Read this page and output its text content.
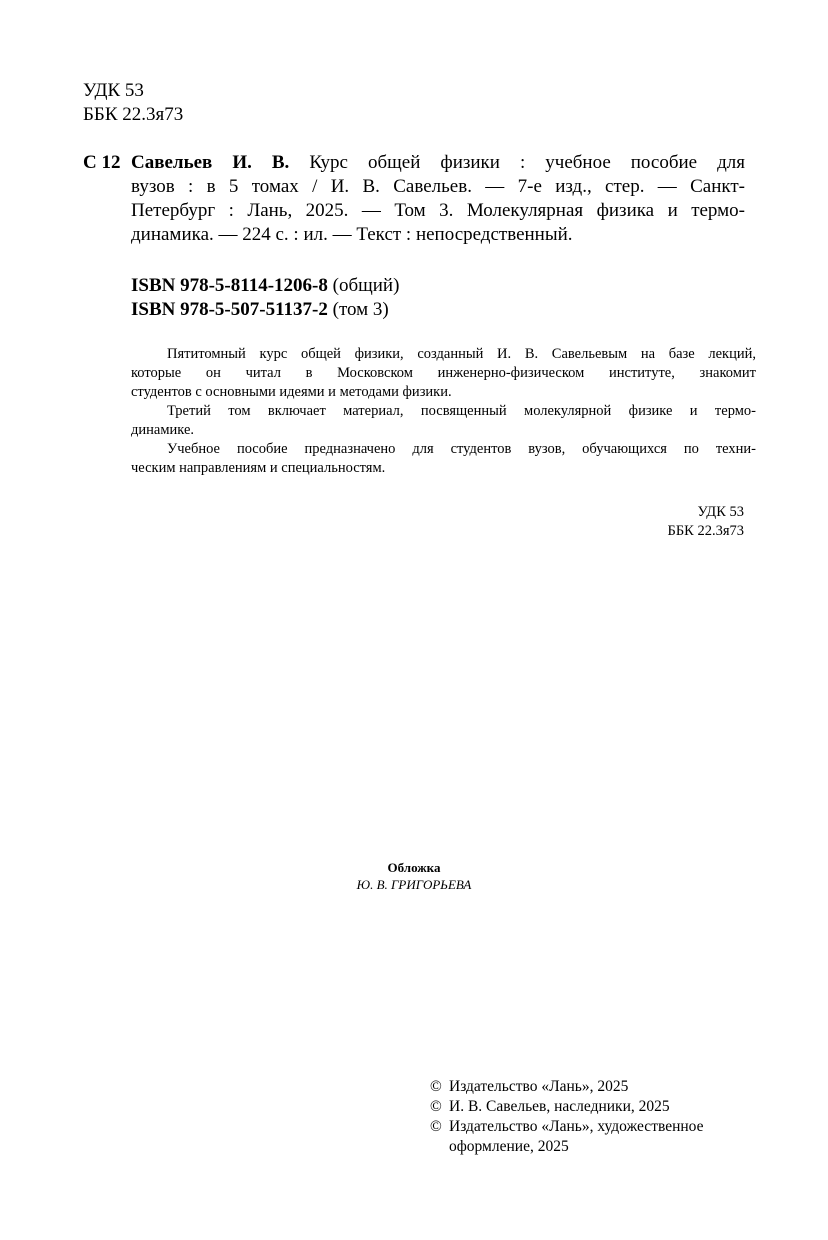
УДК 53
ББК 22.3я73
С 12 Савельев И. В. Курс общей физики : учебное пособие для
вузов : в 5 томах / И. В. Савельев. — 7-е изд., стер. — Санкт-
Петербург : Лань, 2025. — Том 3. Молекулярная физика и термо-
динамика. — 224 с. : ил. — Текст : непосредственный.
ISBN 978-5-8114-1206-8 (общий)
ISBN 978-5-507-51137-2 (том 3)
Пятитомный курс общей физики, созданный И. В. Савельевым на базе лекций,
которые он читал в Московском инженерно-физическом институте, знакомит
студентов с основными идеями и методами физики.
Третий том включает материал, посвященный молекулярной физике и термо-
динамике.
Учебное пособие предназначено для студентов вузов, обучающихся по техни-
ческим направлениям и специальностям.
УДК 53
ББК 22.3я73
Обложка
Ю. В. ГРИГОРЬЕВА
© Издательство «Лань», 2025
© И. В. Савельев, наследники, 2025
© Издательство «Лань», художественное
оформление, 2025
